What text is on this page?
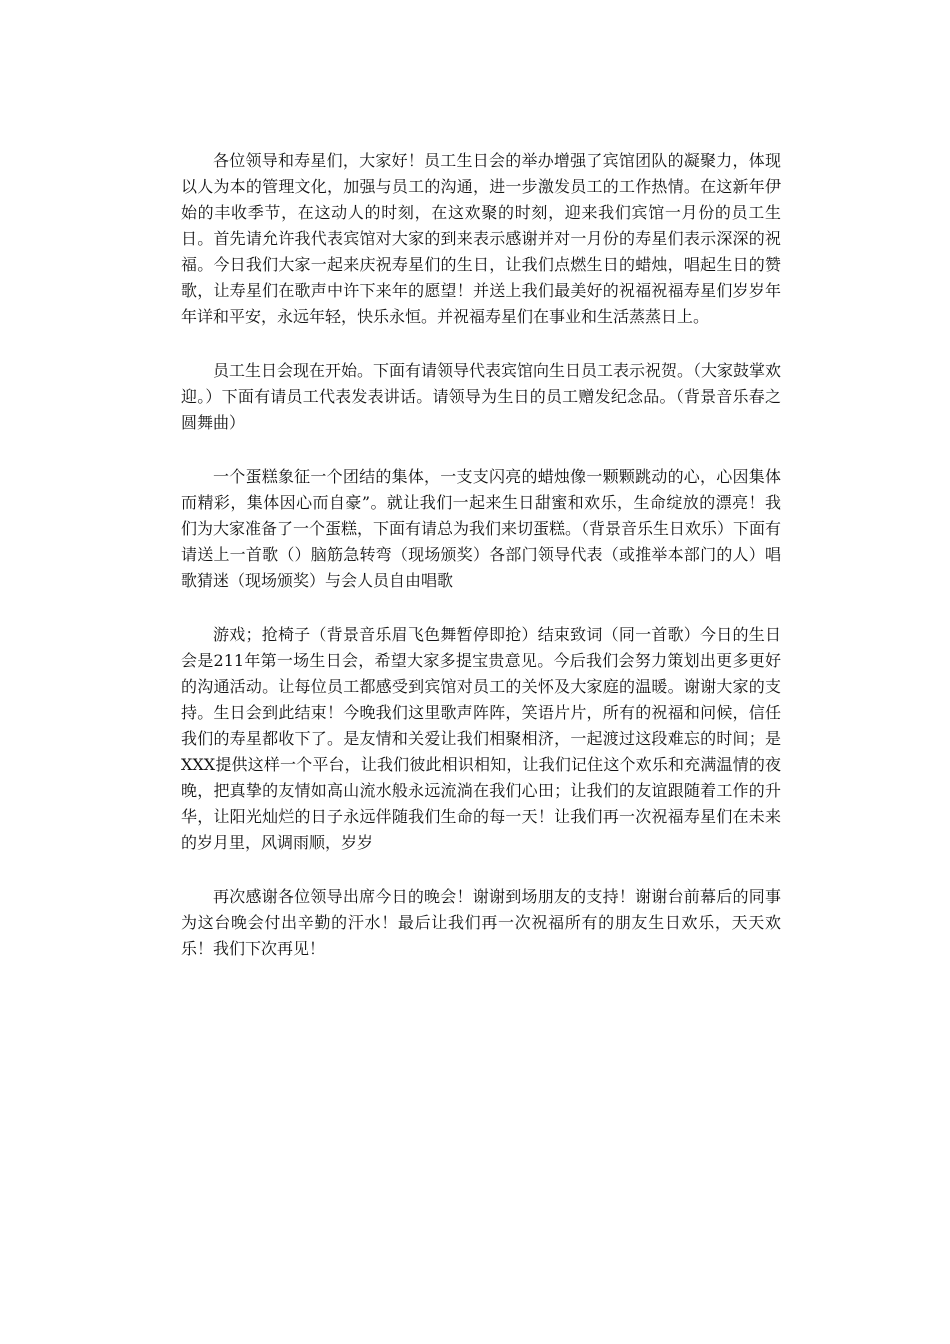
各位领导和寿星们，大家好！员工生日会的举办增强了宾馆团队的凝聚力，体现以人为本的管理文化，加强与员工的沟通，进一步激发员工的工作热情。在这新年伊始的丰收季节，在这动人的时刻，在这欢聚的时刻，迎来我们宾馆一月份的员工生日。首先请允许我代表宾馆对大家的到来表示感谢并对一月份的寿星们表示深深的祝福。今日我们大家一起来庆祝寿星们的生日，让我们点燃生日的蜡烛，唱起生日的赞歌，让寿星们在歌声中许下来年的愿望！并送上我们最美好的祝福祝福寿星们岁岁年年详和平安，永远年轻，快乐永恒。并祝福寿星们在事业和生活蒸蒸日上。

员工生日会现在开始。下面有请领导代表宾馆向生日员工表示祝贺。（大家鼓掌欢迎。）下面有请员工代表发表讲话。请领导为生日的员工赠发纪念品。（背景音乐春之圆舞曲）

一个蛋糕象征一个团结的集体，一支支闪亮的蜡烛像一颗颗跳动的心，心因集体而精彩，集体因心而自豪”。就让我们一起来生日甜蜜和欢乐，生命绽放的漂亮！我们为大家准备了一个蛋糕，下面有请总为我们来切蛋糕。（背景音乐生日欢乐）下面有请送上一首歌（）脑筋急转弯（现场颁奖）各部门领导代表（或推举本部门的人）唱歌猜迷（现场颁奖）与会人员自由唱歌

游戏；抢椅子（背景音乐眉飞色舞暂停即抢）结束致词（同一首歌）今日的生日会是211年第一场生日会，希望大家多提宝贵意见。今后我们会努力策划出更多更好的沟通活动。让每位员工都感受到宾馆对员工的关怀及大家庭的温暖。谢谢大家的支持。生日会到此结束！今晚我们这里歌声阵阵，笑语片片，所有的祝福和问候，信任我们的寿星都收下了。是友情和关爱让我们相聚相济，一起渡过这段难忘的时间；是XXX提供这样一个平台，让我们彼此相识相知，让我们记住这个欢乐和充满温情的夜晚，把真挚的友情如高山流水般永远流淌在我们心田；让我们的友谊跟随着工作的升华，让阳光灿烂的日子永远伴随我们生命的每一天！让我们再一次祝福寿星们在未来的岁月里，风调雨顺，岁岁

再次感谢各位领导出席今日的晚会！谢谢到场朋友的支持！谢谢台前幕后的同事为这台晚会付出辛勤的汗水！最后让我们再一次祝福所有的朋友生日欢乐，天天欢乐！我们下次再见！
